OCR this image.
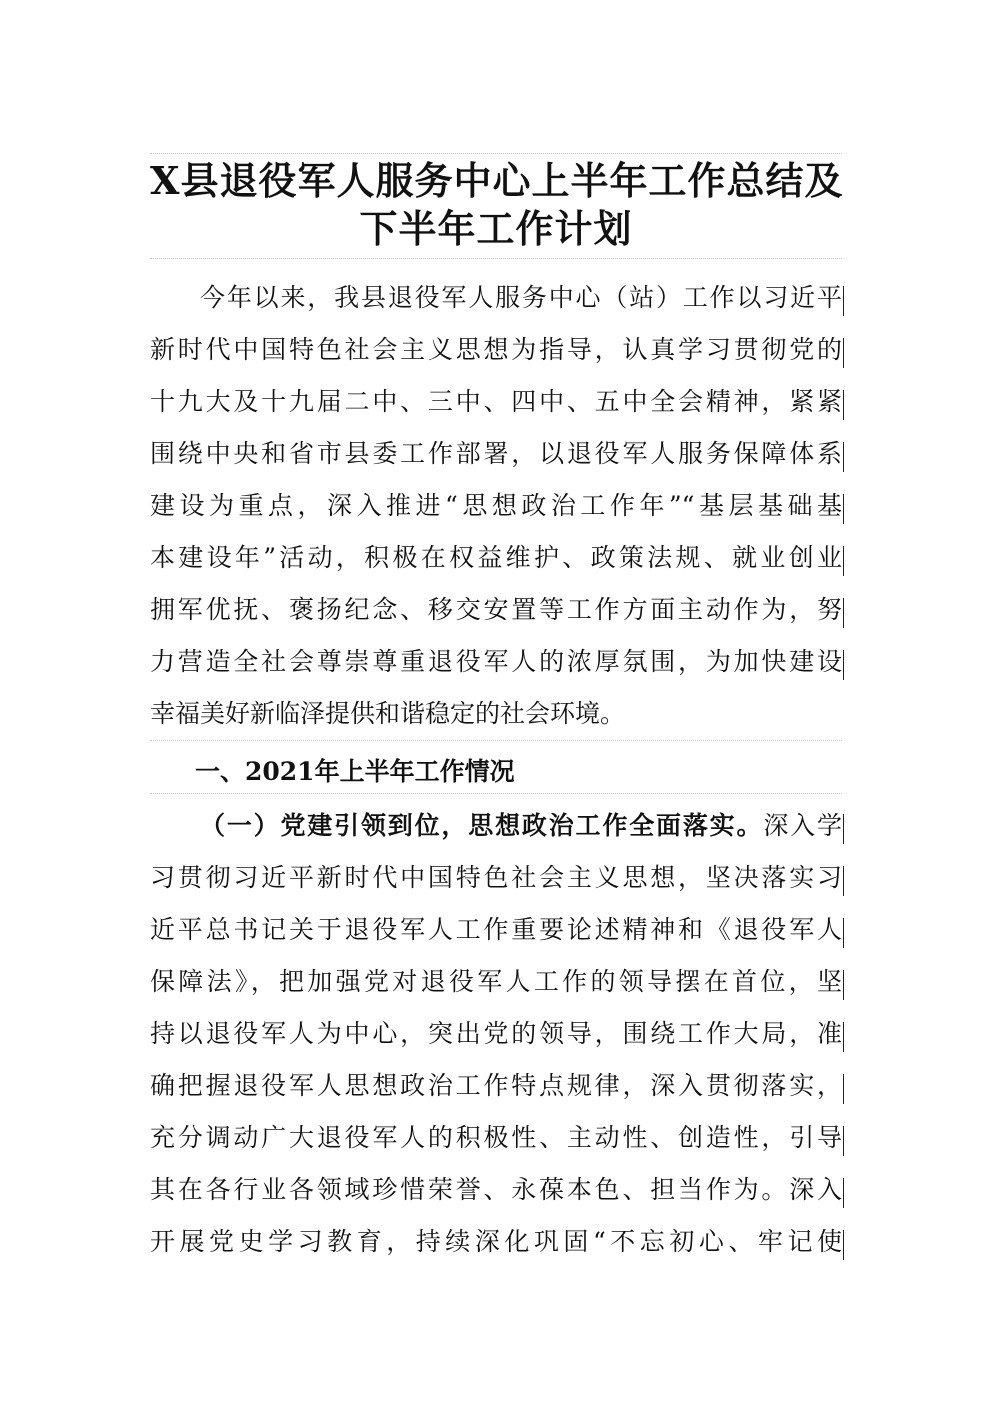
X县退役军人服务中心上半年工作总结及
下半年工作计划
今年以来，我县退役军人服务中心（站）工作以习近平
新时代中国特色社会主义思想为指导，认真学习贯彻党的
十九大及十九届二中、三中、四中、五中全会精神，紧紧
围绕中央和省市县委工作部署，以退役军人服务保障体系
建设为重点，深入推进“思想政治工作年”“基层基础基
本建设年”活动，积极在权益维护、政策法规、就业创业
拥军优抚、褒扬纪念、移交安置等工作方面主动作为，努
力营造全社会尊崇尊重退役军人的浓厚氛围，为加快建设
幸福美好新临泽提供和谐稳定的社会环境。
一、2021年上半年工作情况
（一）党建引领到位，思想政治工作全面落实。深入学
习贯彻习近平新时代中国特色社会主义思想，坚决落实习
近平总书记关于退役军人工作重要论述精神和《退役军人
保障法》，把加强党对退役军人工作的领导摆在首位，坚
持以退役军人为中心，突出党的领导，围绕工作大局，准
确把握退役军人思想政治工作特点规律，深入贯彻落实，
充分调动广大退役军人的积极性、主动性、创造性，引导
其在各行业各领域珍惜荣誉、永葆本色、担当作为。深入
开展党史学习教育，持续深化巩固“不忘初心、牢记使
